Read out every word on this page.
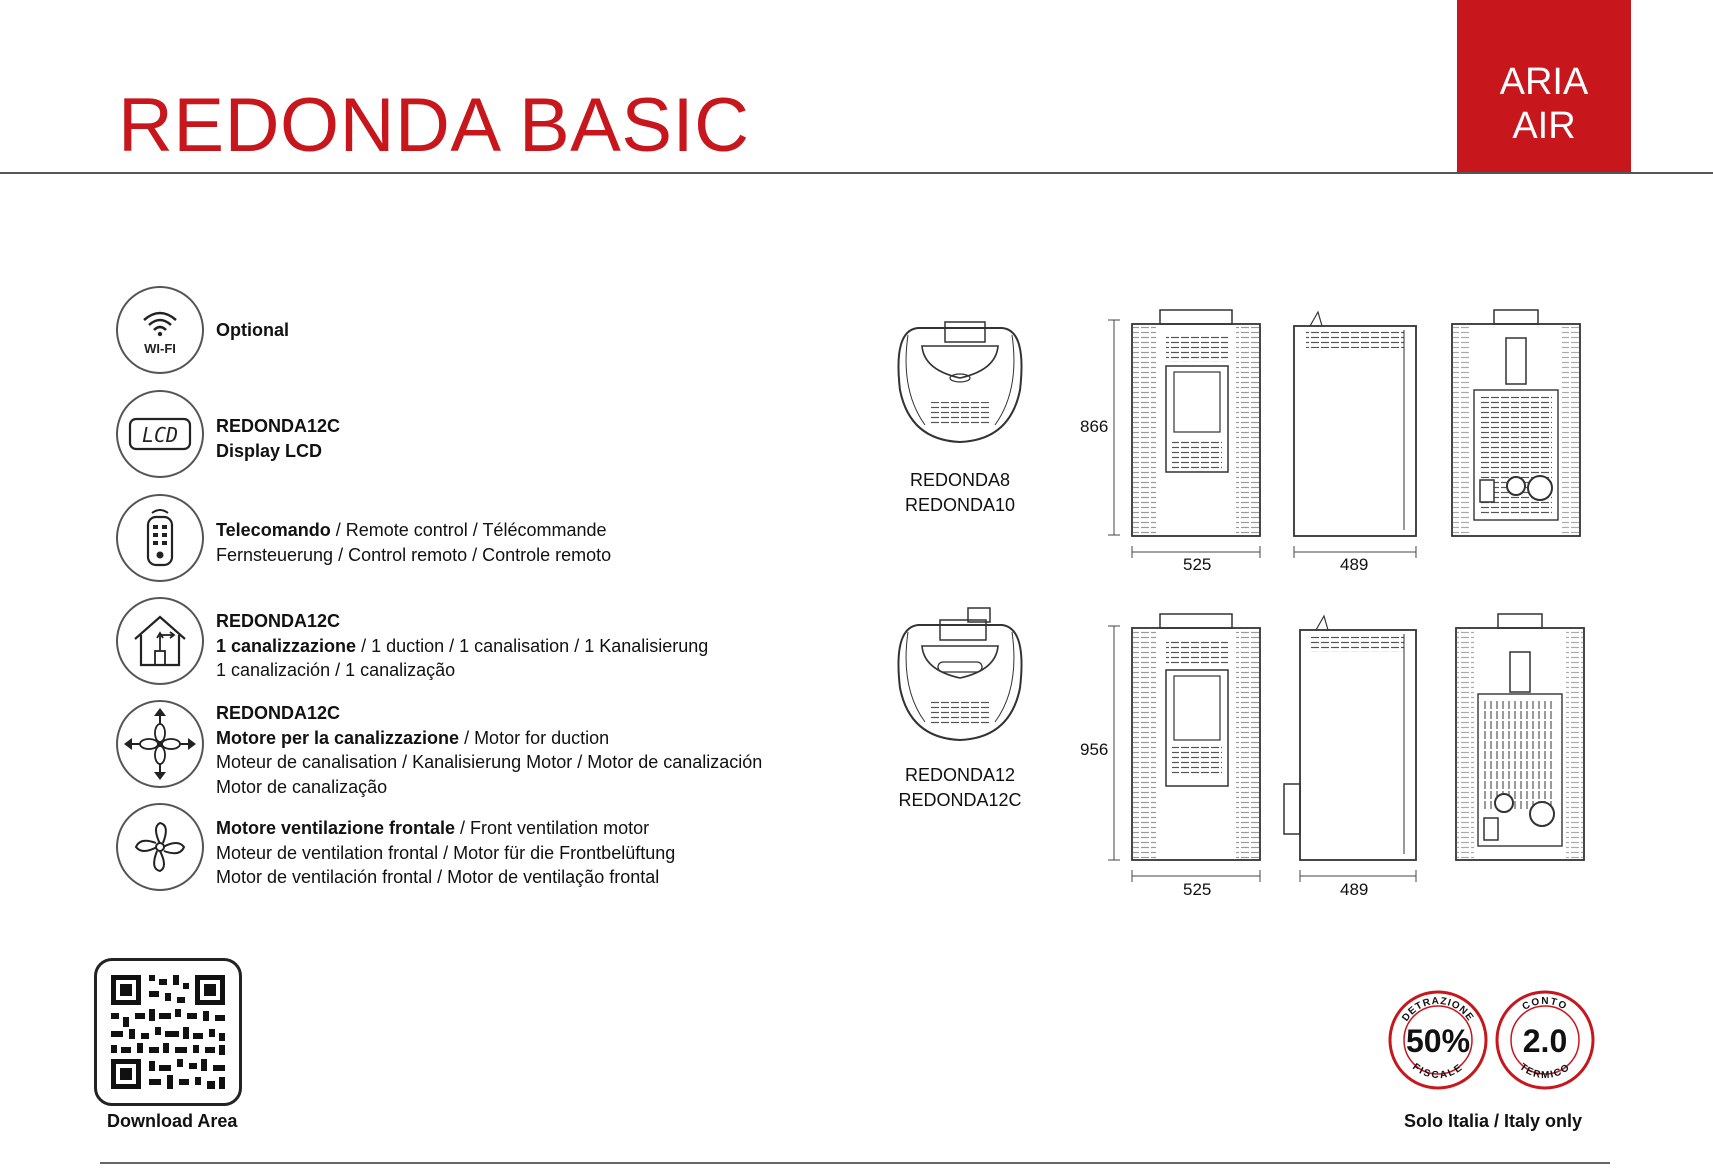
REDONDA BASIC
ARIA
AIR
WI-FI
Optional
LCD REDONDA12C
Display LCD
Telecomando / Remote control / Télécommande
Fernsteuerung / Control remoto / Controle remoto
REDONDA12C
1 canalizzazione / 1 duction / 1 canalisation / 1 Kanalisierung
1 canalización / 1 canalização
REDONDA12C
Motore per la canalizzazione / Motor for duction
Moteur de canalisation / Kanalisierung Motor / Motor de canalización
Motor de canalização
Motore ventilazione frontale / Front ventilation motor
Moteur de ventilation frontal / Motor für die Frontbelüftung
Motor de ventilación frontal / Motor de ventilação frontal
REDONDA8
REDONDA10
REDONDA12
REDONDA12C
866
525	489
956
525	489
Download Area
DETRAZIONE
FISCALE
50%
CONTO
TERMICO
2.0
Solo Italia / Italy only
